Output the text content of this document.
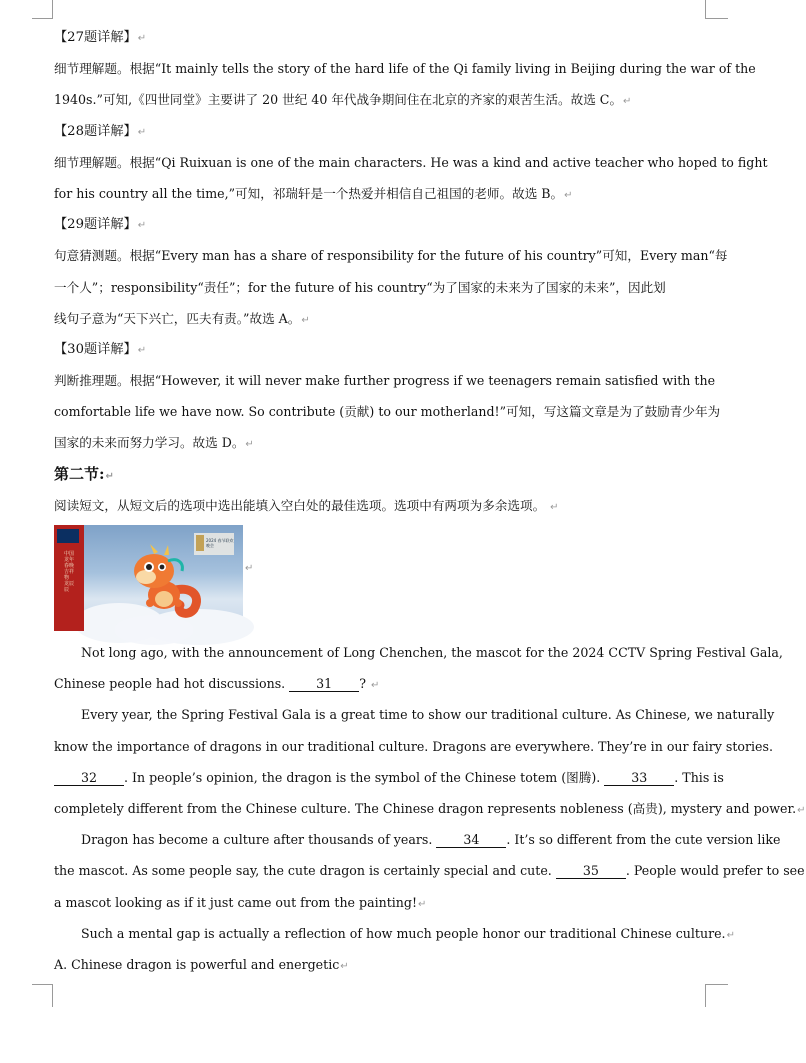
【27题详解】↵
细节理解题。根据“It mainly tells the story of the hard life of the Qi family living in Beijing during the war of the
1940s.”可知,《四世同堂》主要讲了 20 世纪 40 年代战争期间住在北京的齐家的艰苦生活。故选 C。↵
【28题详解】↵
细节理解题。根据“Qi Ruixuan is one of the main characters. He was a kind and active teacher who hoped to fight
for his country all the time,”可知，祁瑞轩是一个热爱并相信自己祖国的老师。故选 B。↵
【29题详解】↵
句意猜测题。根据“Every man has a share of responsibility for the future of his country”可知，Every man“每
一个人”；responsibility“责任”；for the future of his country“为了国家的未来为了国家的未来”，因此划
线句子意为“天下兴亡，匹夫有责。”故选 A。↵
【30题详解】↵
判断推理题。根据“However, it will never make further progress if we teenagers remain satisfied with the
comfortable life we have now. So contribute (贡献) to our motherland!”可知，写这篇文章是为了鼓励青少年为
国家的未来而努力学习。故选 D。↵
第二节:↵
阅读短文，从短文后的选项中选出能填入空白处的最佳选项。选项中有两项为多余选项。 ↵
中国龙年春晚吉祥物 龙辰辰
2024 春节联欢晚会
↵
Not long ago, with the announcement of Long Chenchen, the mascot for the 2024 CCTV Spring Festival Gala,
Chinese people had hot discussions. 31 ? ↵
Every year, the Spring Festival Gala is a great time to show our traditional culture. As Chinese, we naturally
know the importance of dragons in our traditional culture. Dragons are everywhere. They’re in our fairy stories.
32 . In people’s opinion, the dragon is the symbol of the Chinese totem (图腾). 33 . This is
completely different from the Chinese culture. The Chinese dragon represents nobleness (高贵), mystery and power.↵
Dragon has become a culture after thousands of years. 34 . It’s so different from the cute version like
the mascot. As some people say, the cute dragon is certainly special and cute. 35 . People would prefer to see
a mascot looking as if it just came out from the painting!↵
Such a mental gap is actually a reflection of how much people honor our traditional Chinese culture.↵
A. Chinese dragon is powerful and energetic↵
